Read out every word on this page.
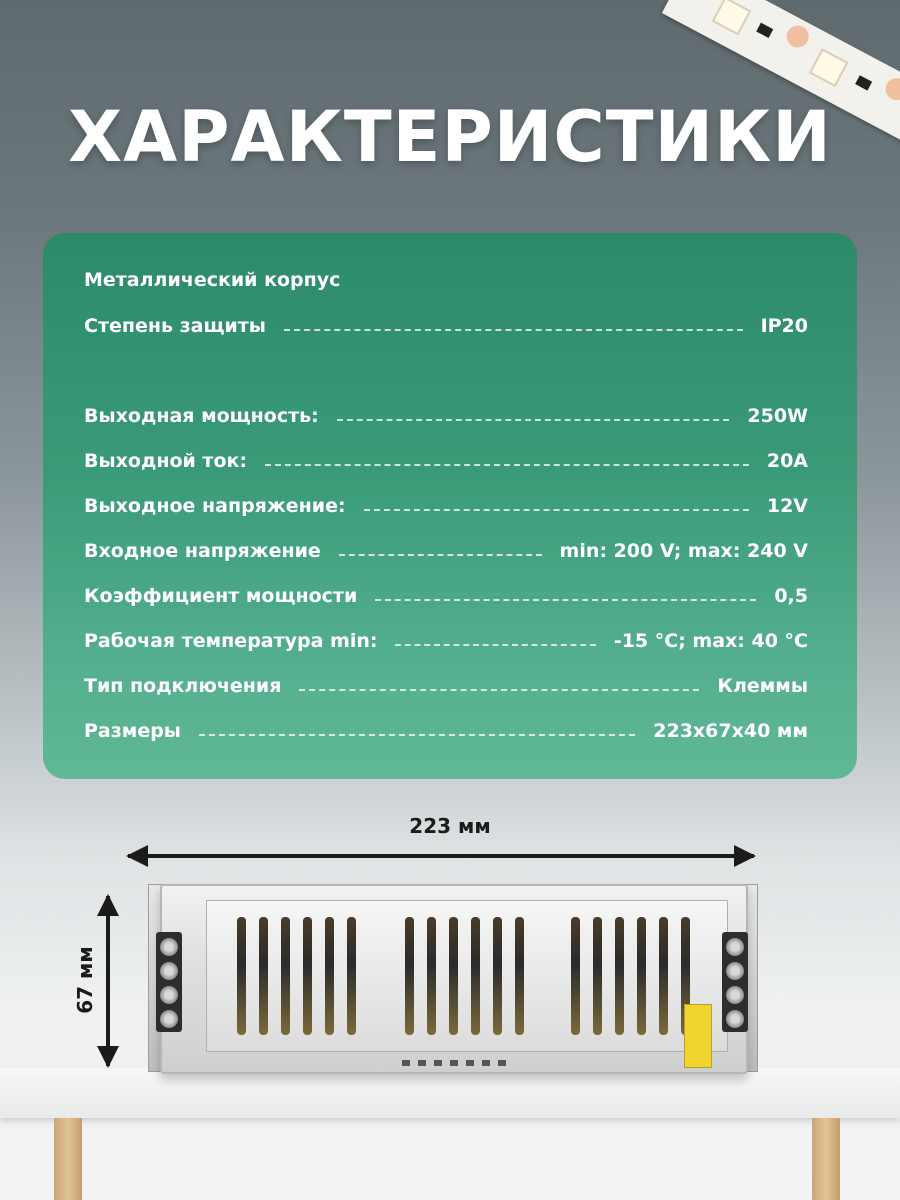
ХАРАКТЕРИСТИКИ
Металлический корпус
Степень защиты	IP20
Выходная мощность:	250W
Выходной ток:	20A
Выходное напряжение:	12V
Входное напряжение	min: 200 V; max: 240 V
Коэффициент мощности	0,5
Рабочая температура min:	-15 °C; max: 40 °C
Тип подключения	Клеммы
Размеры	223х67х40 мм
223 мм
67 мм
